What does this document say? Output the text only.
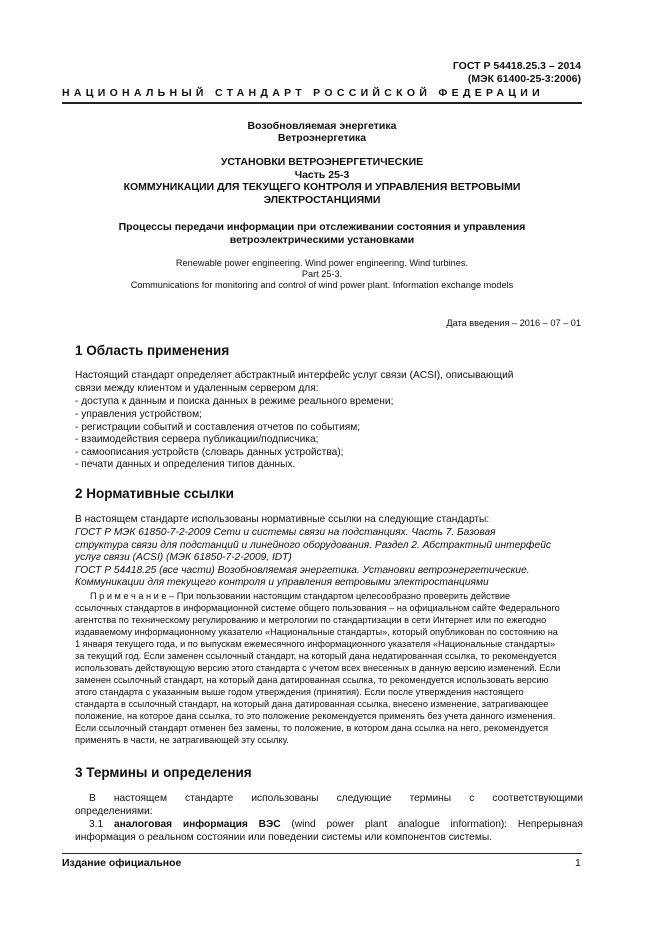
ГОСТ Р 54418.25.3 – 2014
(МЭК 61400-25-3:2006)
НАЦИОНАЛЬНЫЙ СТАНДАРТ РОССИЙСКОЙ ФЕДЕРАЦИИ
Возобновляемая энергетика
Ветроэнергетика
УСТАНОВКИ ВЕТРОЭНЕРГЕТИЧЕСКИЕ
Часть 25-3
КОММУНИКАЦИИ ДЛЯ ТЕКУЩЕГО КОНТРОЛЯ И УПРАВЛЕНИЯ ВЕТРОВЫМИ
ЭЛЕКТРОСТАНЦИЯМИ
Процессы передачи информации при отслеживании состояния и управления
ветроэлектрическими установками
Renewable power engineering. Wind power engineering. Wind turbines.
Part 25-3.
Communications for monitoring and control of wind power plant. Information exchange models
Дата введения – 2016 – 07 – 01
1 Область применения
Настоящий стандарт определяет абстрактный интерфейс услуг связи (ACSI), описывающий
связи между клиентом и удаленным сервером для:
- доступа к данным и поиска данных в режиме реального времени;
- управления устройством;
- регистрации событий и составления отчетов по событиям;
- взаимодействия сервера публикации/подписчика;
- самоописания устройств (словарь данных устройства);
- печати данных и определения типов данных.
2 Нормативные ссылки
В настоящем стандарте использованы нормативные ссылки на следующие стандарты:
ГОСТ Р МЭК 61850-7-2-2009 Сети и системы связи на подстанциях. Часть 7. Базовая
структура связи для подстанций и линейного оборудования. Раздел 2. Абстрактный интерфейс
услуг связи (ACSI) (МЭК 61850-7-2-2009, IDT)
ГОСТ Р 54418.25 (все части) Возобновляемая энергетика. Установки ветроэнергетические.
Коммуникации для текущего контроля и управления ветровыми электростанциями
П р и м е ч а н и е – При пользовании настоящим стандартом целесообразно проверить действие
ссылочных стандартов в информационной системе общего пользования – на официальном сайте Федерального
агентства по техническому регулированию и метрологии по стандартизации в сети Интернет или по ежегодно
издаваемому информационному указателю «Национальные стандарты», который опубликован по состоянию на
1 января текущего года, и по выпускам ежемесячного информационного указателя «Национальные стандарты»
за текущий год. Если заменен ссылочный стандарт, на который дана недатированная ссылка, то рекомендуется
использовать действующую версию этого стандарта с учетом всех внесенных в данную версию изменений. Если
заменен ссылочный стандарт, на который дана датированная ссылка, то рекомендуется использовать версию
этого стандарта с указанным выше годом утверждения (принятия). Если после утверждения настоящего
стандарта в ссылочный стандарт, на который дана датированная ссылка, внесено изменение, затрагивающее
положение, на которое дана ссылка, то это положение рекомендуется применять без учета данного изменения.
Если ссылочный стандарт отменен без замены, то положение, в котором дана ссылка на него, рекомендуется
применять в части, не затрагивающей эту ссылку.
3 Термины и определения
В настоящем стандарте использованы следующие термины с соответствующими
определениями:
3.1 аналоговая информация ВЭС (wind power plant analogue information): Непрерывная
информация о реальном состоянии или поведении системы или компонентов системы.
Издание официальное	1
